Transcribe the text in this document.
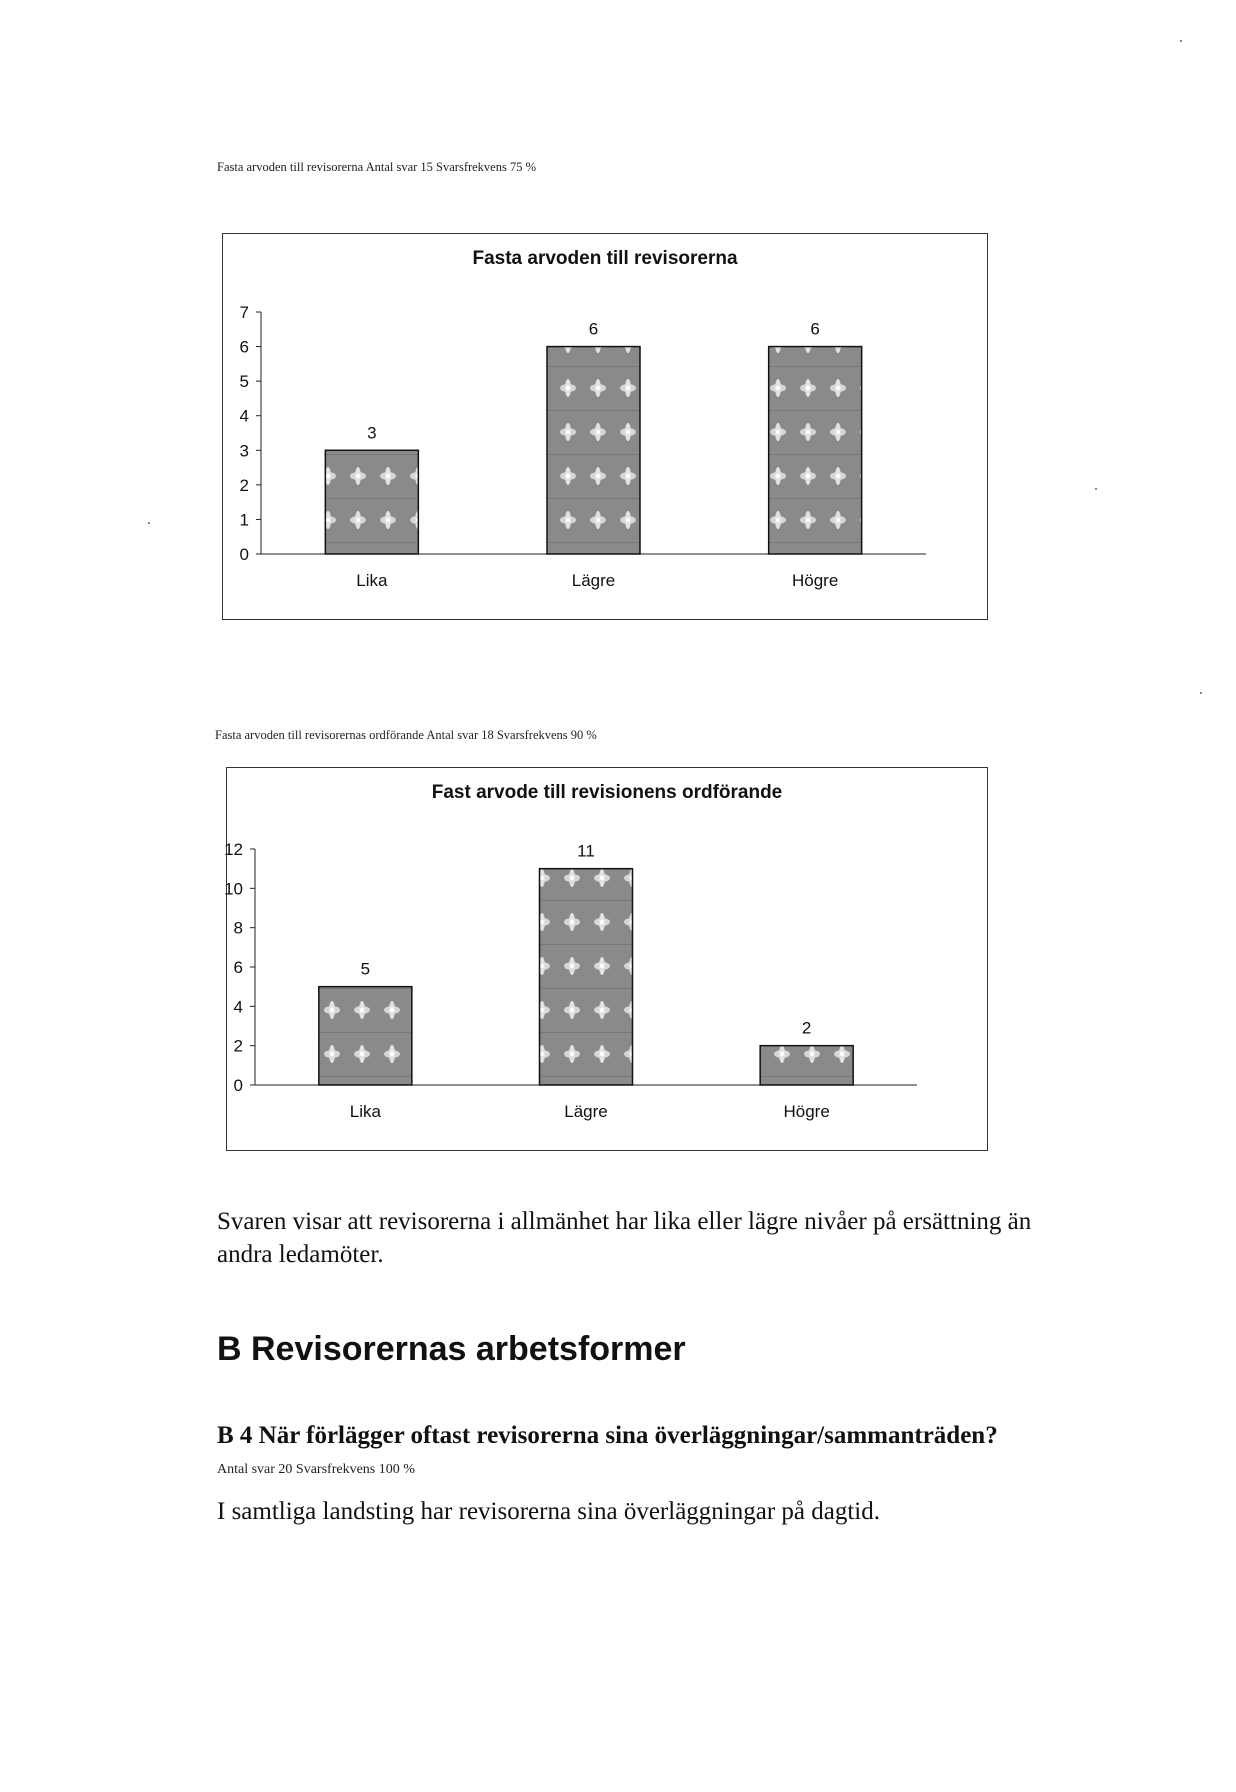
Fasta arvoden till revisorerna Antal svar 15 Svarsfrekvens 75 %
Fasta arvoden till revisorerna
0
1
2
3
4
5
6
7
3
Lika
6
Lägre
6
Högre
Fasta arvoden till revisorernas ordförande Antal svar 18 Svarsfrekvens 90 %
Fast arvode till revisionens ordförande
0
2
4
6
8
10
12
5
Lika
11
Lägre
2
Högre
Svaren visar att revisorerna i allmänhet har lika eller lägre nivåer på ersättning än andra ledamöter.
B Revisorernas arbetsformer
B 4 När förlägger oftast revisorerna sina överläggningar/sammanträden?
Antal svar 20 Svarsfrekvens 100 %
I samtliga landsting har revisorerna sina överläggningar på dagtid.
